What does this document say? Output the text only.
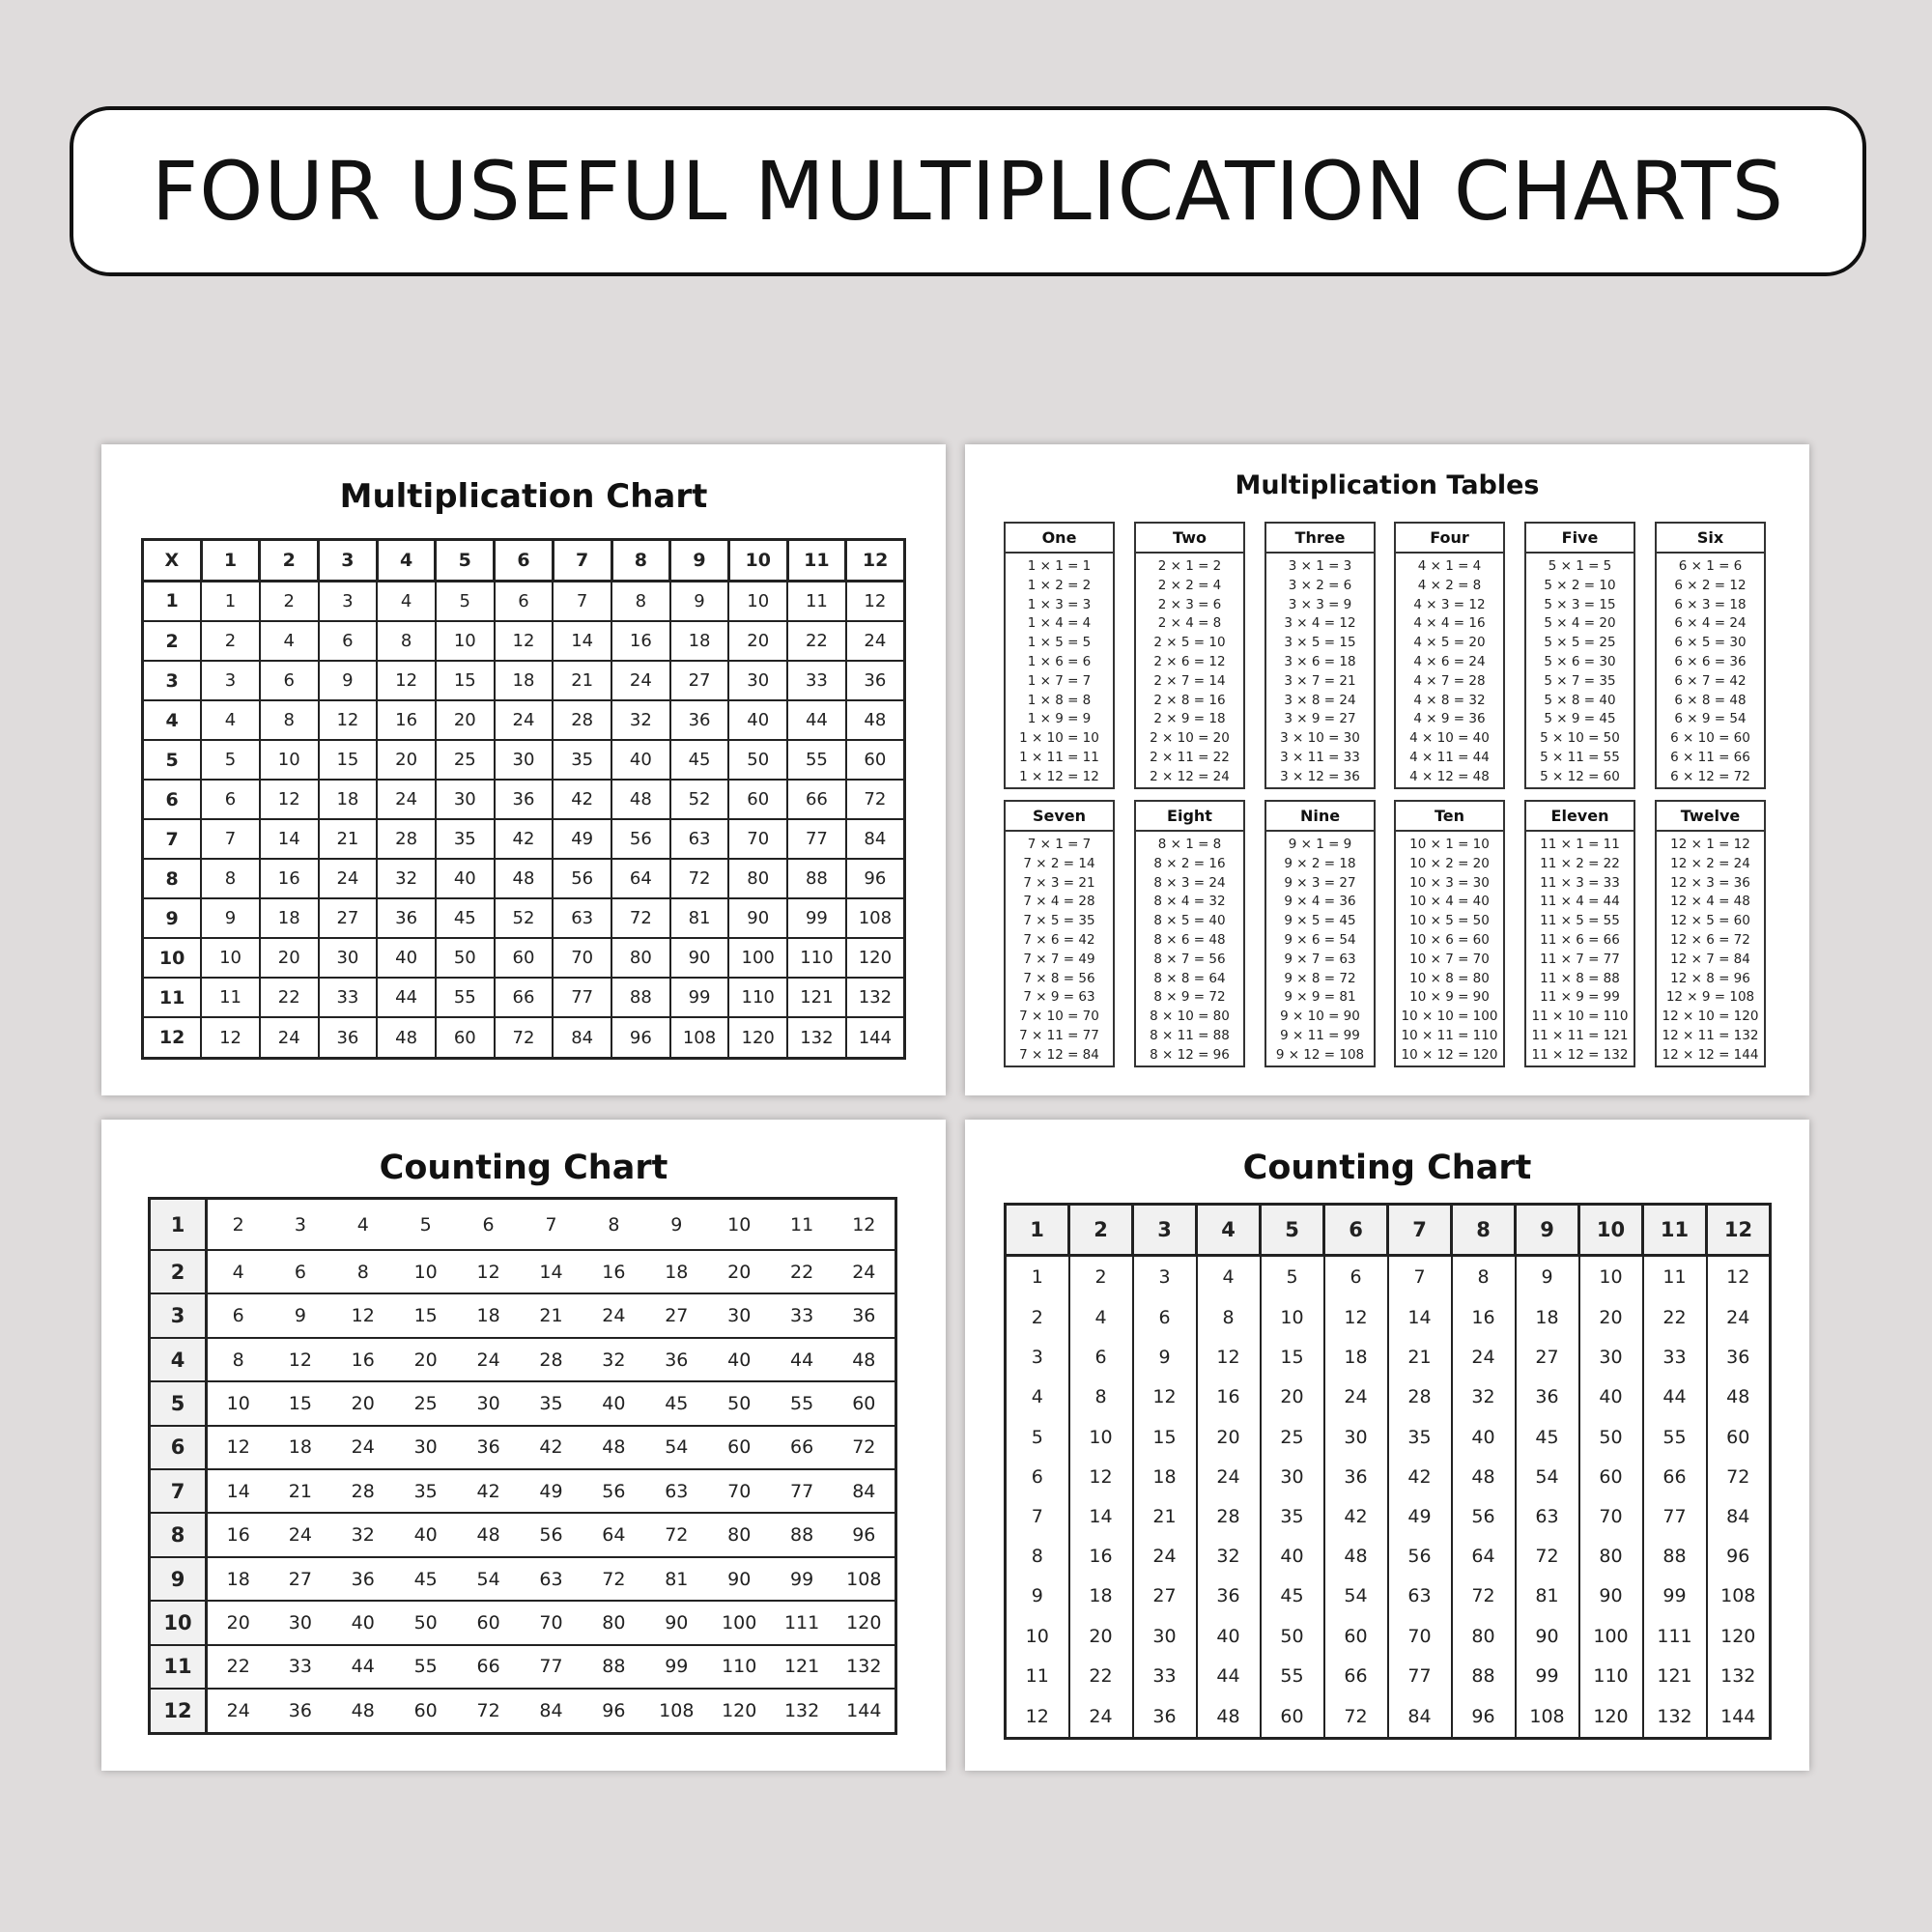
FOUR USEFUL MULTIPLICATION CHARTS
Multiplication Chart
X	1	2	3	4	5	6	7	8	9	10	11	12
1	1	2	3	4	5	6	7	8	9	10	11	12
2	2	4	6	8	10	12	14	16	18	20	22	24
3	3	6	9	12	15	18	21	24	27	30	33	36
4	4	8	12	16	20	24	28	32	36	40	44	48
5	5	10	15	20	25	30	35	40	45	50	55	60
6	6	12	18	24	30	36	42	48	52	60	66	72
7	7	14	21	28	35	42	49	56	63	70	77	84
8	8	16	24	32	40	48	56	64	72	80	88	96
9	9	18	27	36	45	52	63	72	81	90	99	108
10	10	20	30	40	50	60	70	80	90	100	110	120
11	11	22	33	44	55	66	77	88	99	110	121	132
12	12	24	36	48	60	72	84	96	108	120	132	144
Multiplication Tables
One
1 × 1 = 1
1 × 2 = 2
1 × 3 = 3
1 × 4 = 4
1 × 5 = 5
1 × 6 = 6
1 × 7 = 7
1 × 8 = 8
1 × 9 = 9
1 × 10 = 10
1 × 11 = 11
1 × 12 = 12
Two
2 × 1 = 2
2 × 2 = 4
2 × 3 = 6
2 × 4 = 8
2 × 5 = 10
2 × 6 = 12
2 × 7 = 14
2 × 8 = 16
2 × 9 = 18
2 × 10 = 20
2 × 11 = 22
2 × 12 = 24
Three
3 × 1 = 3
3 × 2 = 6
3 × 3 = 9
3 × 4 = 12
3 × 5 = 15
3 × 6 = 18
3 × 7 = 21
3 × 8 = 24
3 × 9 = 27
3 × 10 = 30
3 × 11 = 33
3 × 12 = 36
Four
4 × 1 = 4
4 × 2 = 8
4 × 3 = 12
4 × 4 = 16
4 × 5 = 20
4 × 6 = 24
4 × 7 = 28
4 × 8 = 32
4 × 9 = 36
4 × 10 = 40
4 × 11 = 44
4 × 12 = 48
Five
5 × 1 = 5
5 × 2 = 10
5 × 3 = 15
5 × 4 = 20
5 × 5 = 25
5 × 6 = 30
5 × 7 = 35
5 × 8 = 40
5 × 9 = 45
5 × 10 = 50
5 × 11 = 55
5 × 12 = 60
Six
6 × 1 = 6
6 × 2 = 12
6 × 3 = 18
6 × 4 = 24
6 × 5 = 30
6 × 6 = 36
6 × 7 = 42
6 × 8 = 48
6 × 9 = 54
6 × 10 = 60
6 × 11 = 66
6 × 12 = 72
Seven
7 × 1 = 7
7 × 2 = 14
7 × 3 = 21
7 × 4 = 28
7 × 5 = 35
7 × 6 = 42
7 × 7 = 49
7 × 8 = 56
7 × 9 = 63
7 × 10 = 70
7 × 11 = 77
7 × 12 = 84
Eight
8 × 1 = 8
8 × 2 = 16
8 × 3 = 24
8 × 4 = 32
8 × 5 = 40
8 × 6 = 48
8 × 7 = 56
8 × 8 = 64
8 × 9 = 72
8 × 10 = 80
8 × 11 = 88
8 × 12 = 96
Nine
9 × 1 = 9
9 × 2 = 18
9 × 3 = 27
9 × 4 = 36
9 × 5 = 45
9 × 6 = 54
9 × 7 = 63
9 × 8 = 72
9 × 9 = 81
9 × 10 = 90
9 × 11 = 99
9 × 12 = 108
Ten
10 × 1 = 10
10 × 2 = 20
10 × 3 = 30
10 × 4 = 40
10 × 5 = 50
10 × 6 = 60
10 × 7 = 70
10 × 8 = 80
10 × 9 = 90
10 × 10 = 100
10 × 11 = 110
10 × 12 = 120
Eleven
11 × 1 = 11
11 × 2 = 22
11 × 3 = 33
11 × 4 = 44
11 × 5 = 55
11 × 6 = 66
11 × 7 = 77
11 × 8 = 88
11 × 9 = 99
11 × 10 = 110
11 × 11 = 121
11 × 12 = 132
Twelve
12 × 1 = 12
12 × 2 = 24
12 × 3 = 36
12 × 4 = 48
12 × 5 = 60
12 × 6 = 72
12 × 7 = 84
12 × 8 = 96
12 × 9 = 108
12 × 10 = 120
12 × 11 = 132
12 × 12 = 144
Counting Chart
1	2	3	4	5	6	7	8	9	10	11	12
2	4	6	8	10	12	14	16	18	20	22	24
3	6	9	12	15	18	21	24	27	30	33	36
4	8	12	16	20	24	28	32	36	40	44	48
5	10	15	20	25	30	35	40	45	50	55	60
6	12	18	24	30	36	42	48	54	60	66	72
7	14	21	28	35	42	49	56	63	70	77	84
8	16	24	32	40	48	56	64	72	80	88	96
9	18	27	36	45	54	63	72	81	90	99	108
10	20	30	40	50	60	70	80	90	100	111	120
11	22	33	44	55	66	77	88	99	110	121	132
12	24	36	48	60	72	84	96	108	120	132	144
Counting Chart
1	2	3	4	5	6	7	8	9	10	11	12
1	2	3	4	5	6	7	8	9	10	11	12
2	4	6	8	10	12	14	16	18	20	22	24
3	6	9	12	15	18	21	24	27	30	33	36
4	8	12	16	20	24	28	32	36	40	44	48
5	10	15	20	25	30	35	40	45	50	55	60
6	12	18	24	30	36	42	48	54	60	66	72
7	14	21	28	35	42	49	56	63	70	77	84
8	16	24	32	40	48	56	64	72	80	88	96
9	18	27	36	45	54	63	72	81	90	99	108
10	20	30	40	50	60	70	80	90	100	111	120
11	22	33	44	55	66	77	88	99	110	121	132
12	24	36	48	60	72	84	96	108	120	132	144
